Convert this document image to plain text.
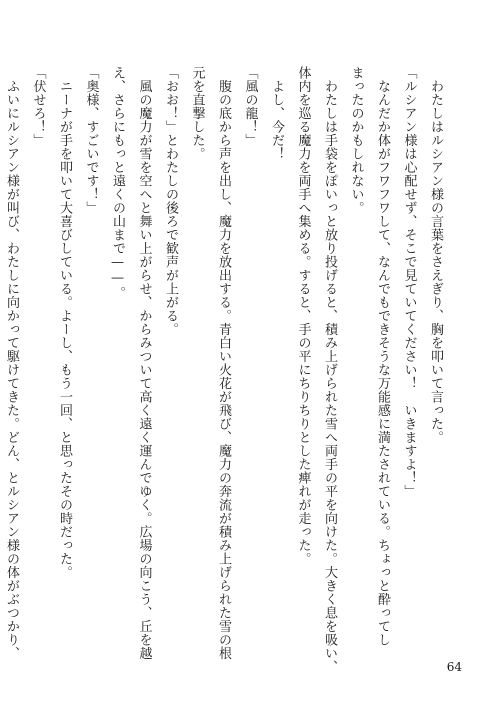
　わたしはルシアン様の言葉をさえぎり、胸を叩いて言った。
「ルシアン様は心配せず、そこで見ていてください！　いきますよ！」
　なんだか体がフワフワして、なんでもできそうな万能感に満たされている。ちょっと酔ってし
まったのかもしれない。
　わたしは手袋をぽいっと放り投げると、積み上げられた雪へ両手の平を向けた。大きく息を吸い、
体内を巡る魔力を両手へ集める。すると、手の平にちりちりとした痺れが走った。
　よし、今だ！
「風の龍！」
　腹の底から声を出し、魔力を放出する。青白い火花が飛び、魔力の奔流が積み上げられた雪の根
元を直撃した。
「おお！」とわたしの後ろで歓声が上がる。
　風の魔力が雪を空へと舞い上がらせ、からみついて高く遠く運んでゆく。広場の向こう、丘を越
え、さらにもっと遠くの山まで——。
「奥様、すごいです！」
　ニーナが手を叩いて大喜びしている。よーし、もう一回、と思ったその時だった。
「伏せろ！」
　ふいにルシアン様が叫び、わたしに向かって駆けてきた。どん、とルシアン様の体がぶつかり、
64
